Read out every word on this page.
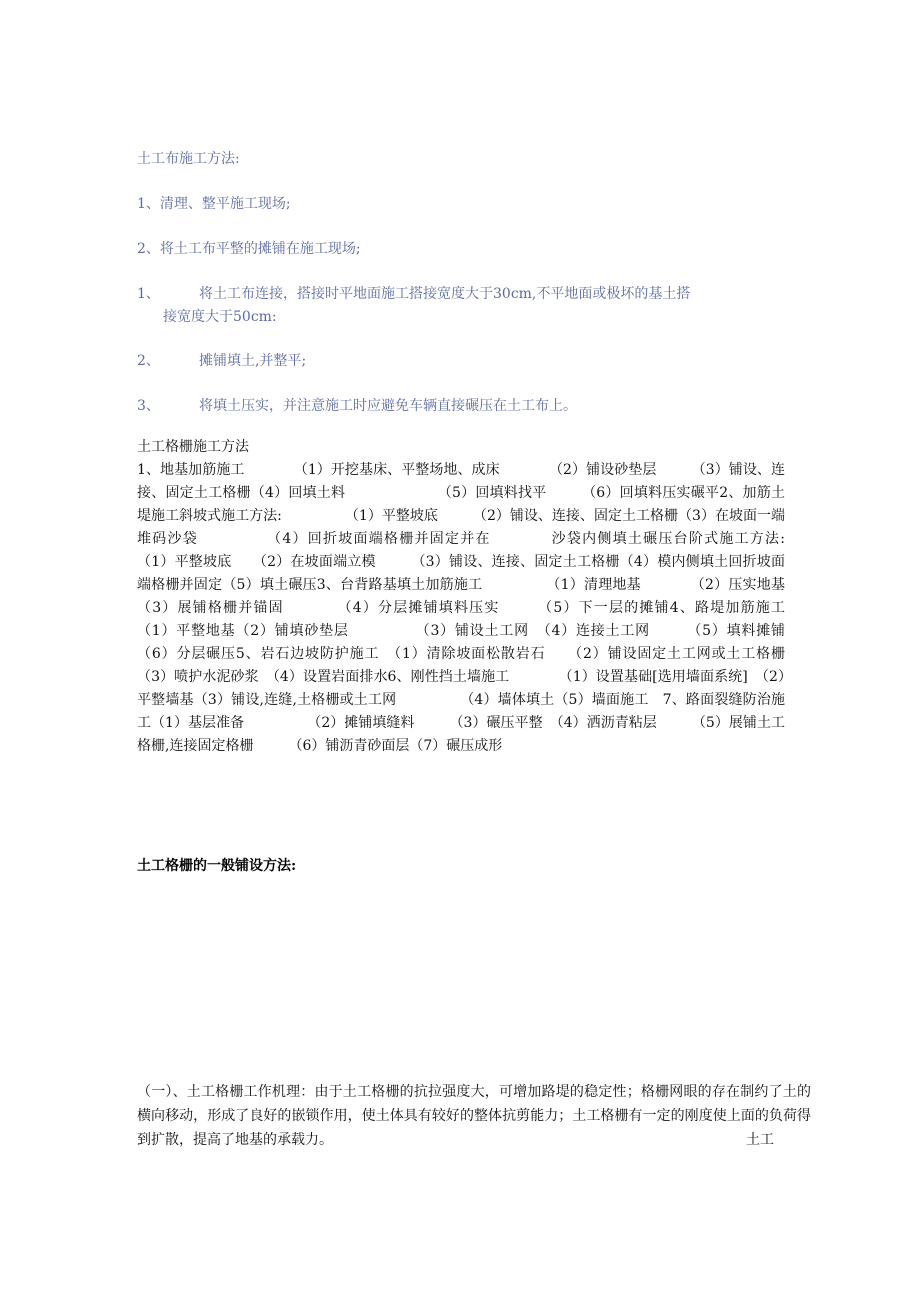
土工布施工方法:
1、清理、整平施工现场;
2、将土工布平整的摊铺在施工现场;
1、	将土工布连接，搭接时平地面施工搭接宽度大于30cm,不平地面或极坏的基土搭
接宽度大于50cm:
2、	摊铺填土,并整平;
3、	将填土压实，并注意施工时应避免车辆直接碾压在土工布上。

土工格栅施工方法

1、地基加筋施工　　　　（1）开挖基床、平整场地、成床　　　　（2）铺设砂垫层　　　（3）铺设、连接、固定土工格栅（4）回填土料　　　　　　　（5）回填料找平　　　（6）回填料压实碾平2、加筋土堤施工斜坡式施工方法:　　　　　（1）平整坡底　　　（2）铺设、连接、固定土工格栅（3）在坡面一端堆码沙袋　　　　　（4）回折坡面端格栅并固定并在　　　　沙袋内侧填土碾压台阶式施工方法:　　　　　（1）平整坡底　　（2）在坡面端立模　　　（3）铺设、连接、固定土工格栅（4）模内侧填土回折坡面端格栅并固定（5）填土碾压3、台背路基填土加筋施工　　　　　（1）清理地基　　　　（2）压实地基　　　（3）展铺格栅并锚固　　　　（4）分层摊铺填料压实　　　（5）下一层的摊铺4、路堤加筋施工　　　　（1）平整地基（2）铺填砂垫层　　　　　（3）铺设土工网　（4）连接土工网　　　（5）填料摊铺　　（6）分层碾压5、岩石边坡防护施工　（1）清除坡面松散岩石　　（2）铺设固定土工网或土工格栅　　　（3）喷护水泥砂浆　（4）设置岩面排水6、刚性挡土墙施工　　　　（1）设置基础[选用墙面系统]　（2）平整墙基（3）铺设,连缝,土格栅或土工网　　　　　（4）墙体填土（5）墙面施工　7、路面裂缝防治施工（1）基层准备　　　　　（2）摊铺填缝料　　　（3）碾压平整　（4）洒沥青粘层　　　（5）展铺土工格栅,连接固定格栅　　　（6）铺沥青砂面层（7）碾压成形

土工格栅的一般铺设方法:

（一）、土工格栅工作机理：由于土工格栅的抗拉强度大，可增加路堤的稳定性；格栅网眼的存在制约了土的横向移动，形成了良好的嵌锁作用，使土体具有较好的整体抗剪能力；土工格栅有一定的刚度使上面的负荷得到扩散，提高了地基的承载力。	土工
